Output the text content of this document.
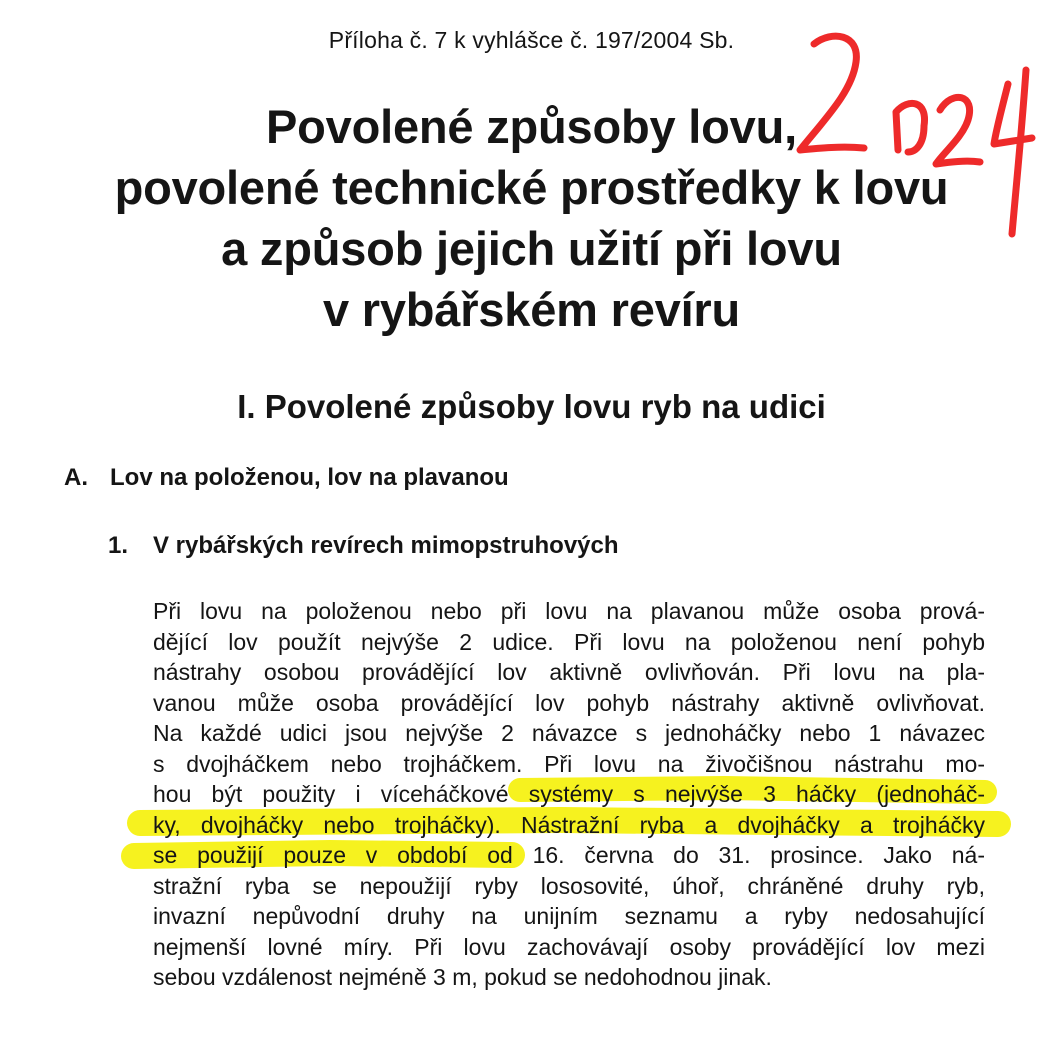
Příloha č. 7 k vyhlášce č. 197/2004 Sb.
Povolené způsoby lovu,
povolené technické prostředky k lovu
a způsob jejich užití při lovu
v rybářském revíru
I. Povolené způsoby lovu ryb na udici
A. Lov na položenou, lov na plavanou
1. V rybářských revírech mimopstruhových
Při lovu na položenou nebo při lovu na plavanou může osoba prová-
dějící lov použít nejvýše 2 udice. Při lovu na položenou není pohyb
nástrahy osobou provádějící lov aktivně ovlivňován. Při lovu na pla-
vanou může osoba provádějící lov pohyb nástrahy aktivně ovlivňovat.
Na každé udici jsou nejvýše 2 návazce s jednoháčky nebo 1 návazec
s dvojháčkem nebo trojháčkem. Při lovu na živočišnou nástrahu mo-
hou být použity i víceháčkové systémy s nejvýše 3 háčky (jednoháč-
ky, dvojháčky nebo trojháčky). Nástražní ryba a dvojháčky a trojháčky
se použijí pouze v období od 16. června do 31. prosince. Jako ná-
stražní ryba se nepoužijí ryby lososovité, úhoř, chráněné druhy ryb,
invazní nepůvodní druhy na unijním seznamu a ryby nedosahující
nejmenší lovné míry. Při lovu zachovávají osoby provádějící lov mezi
sebou vzdálenost nejméně 3 m, pokud se nedohodnou jinak.
